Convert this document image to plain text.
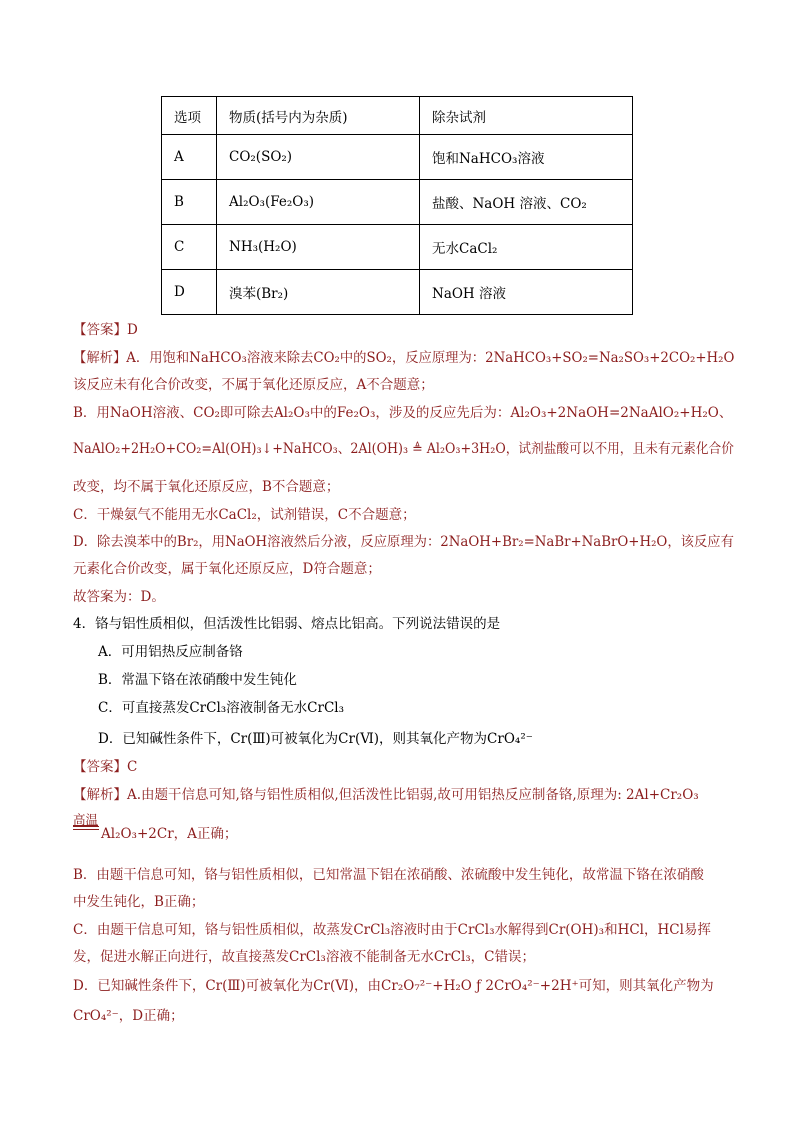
选项	物质(括号内为杂质)	除杂试剂
A	CO₂(SO₂)	饱和NaHCO₃溶液
B	Al₂O₃(Fe₂O₃)	盐酸、NaOH 溶液、CO₂
C	NH₃(H₂O)	无水CaCl₂
D	溴苯(Br₂)	NaOH 溶液
【答案】D
【解析】A．用饱和NaHCO₃溶液来除去CO₂中的SO₂，反应原理为：2NaHCO₃+SO₂=Na₂SO₃+2CO₂+H₂O
该反应未有化合价改变，不属于氧化还原反应，A不合题意；
B．用NaOH溶液、CO₂即可除去Al₂O₃中的Fe₂O₃，涉及的反应先后为：Al₂O₃+2NaOH=2NaAlO₂+H₂O、
NaAlO₂+2H₂O+CO₂=Al(OH)₃↓+NaHCO₃、2Al(OH)₃ ≜ Al₂O₃+3H₂O，试剂盐酸可以不用，且未有元素化合价
改变，均不属于氧化还原反应，B不合题意；
C．干燥氨气不能用无水CaCl₂，试剂错误，C不合题意；
D．除去溴苯中的Br₂，用NaOH溶液然后分液，反应原理为：2NaOH+Br₂=NaBr+NaBrO+H₂O，该反应有
元素化合价改变，属于氧化还原反应，D符合题意；
故答案为：D。
4．铬与铝性质相似，但活泼性比铝弱、熔点比铝高。下列说法错误的是
A．可用铝热反应制备铬
B．常温下铬在浓硝酸中发生钝化
C．可直接蒸发CrCl₃溶液制备无水CrCl₃
D．已知碱性条件下，Cr(Ⅲ)可被氧化为Cr(Ⅵ)，则其氧化产物为CrO₄²⁻
【答案】C
【解析】A.由题干信息可知,铬与铝性质相似,但活泼性比铝弱,故可用铝热反应制备铬,原理为: 2Al+Cr₂O₃
高温
Al₂O₃+2Cr，A正确；
B．由题干信息可知，铬与铝性质相似，已知常温下铝在浓硝酸、浓硫酸中发生钝化，故常温下铬在浓硝酸
中发生钝化，B正确；
C．由题干信息可知，铬与铝性质相似，故蒸发CrCl₃溶液时由于CrCl₃水解得到Cr(OH)₃和HCl，HCl易挥
发，促进水解正向进行，故直接蒸发CrCl₃溶液不能制备无水CrCl₃，C错误；
D．已知碱性条件下，Cr(Ⅲ)可被氧化为Cr(Ⅵ)，由Cr₂O₇²⁻+H₂O ƒ 2CrO₄²⁻+2H⁺可知，则其氧化产物为
CrO₄²⁻，D正确；
